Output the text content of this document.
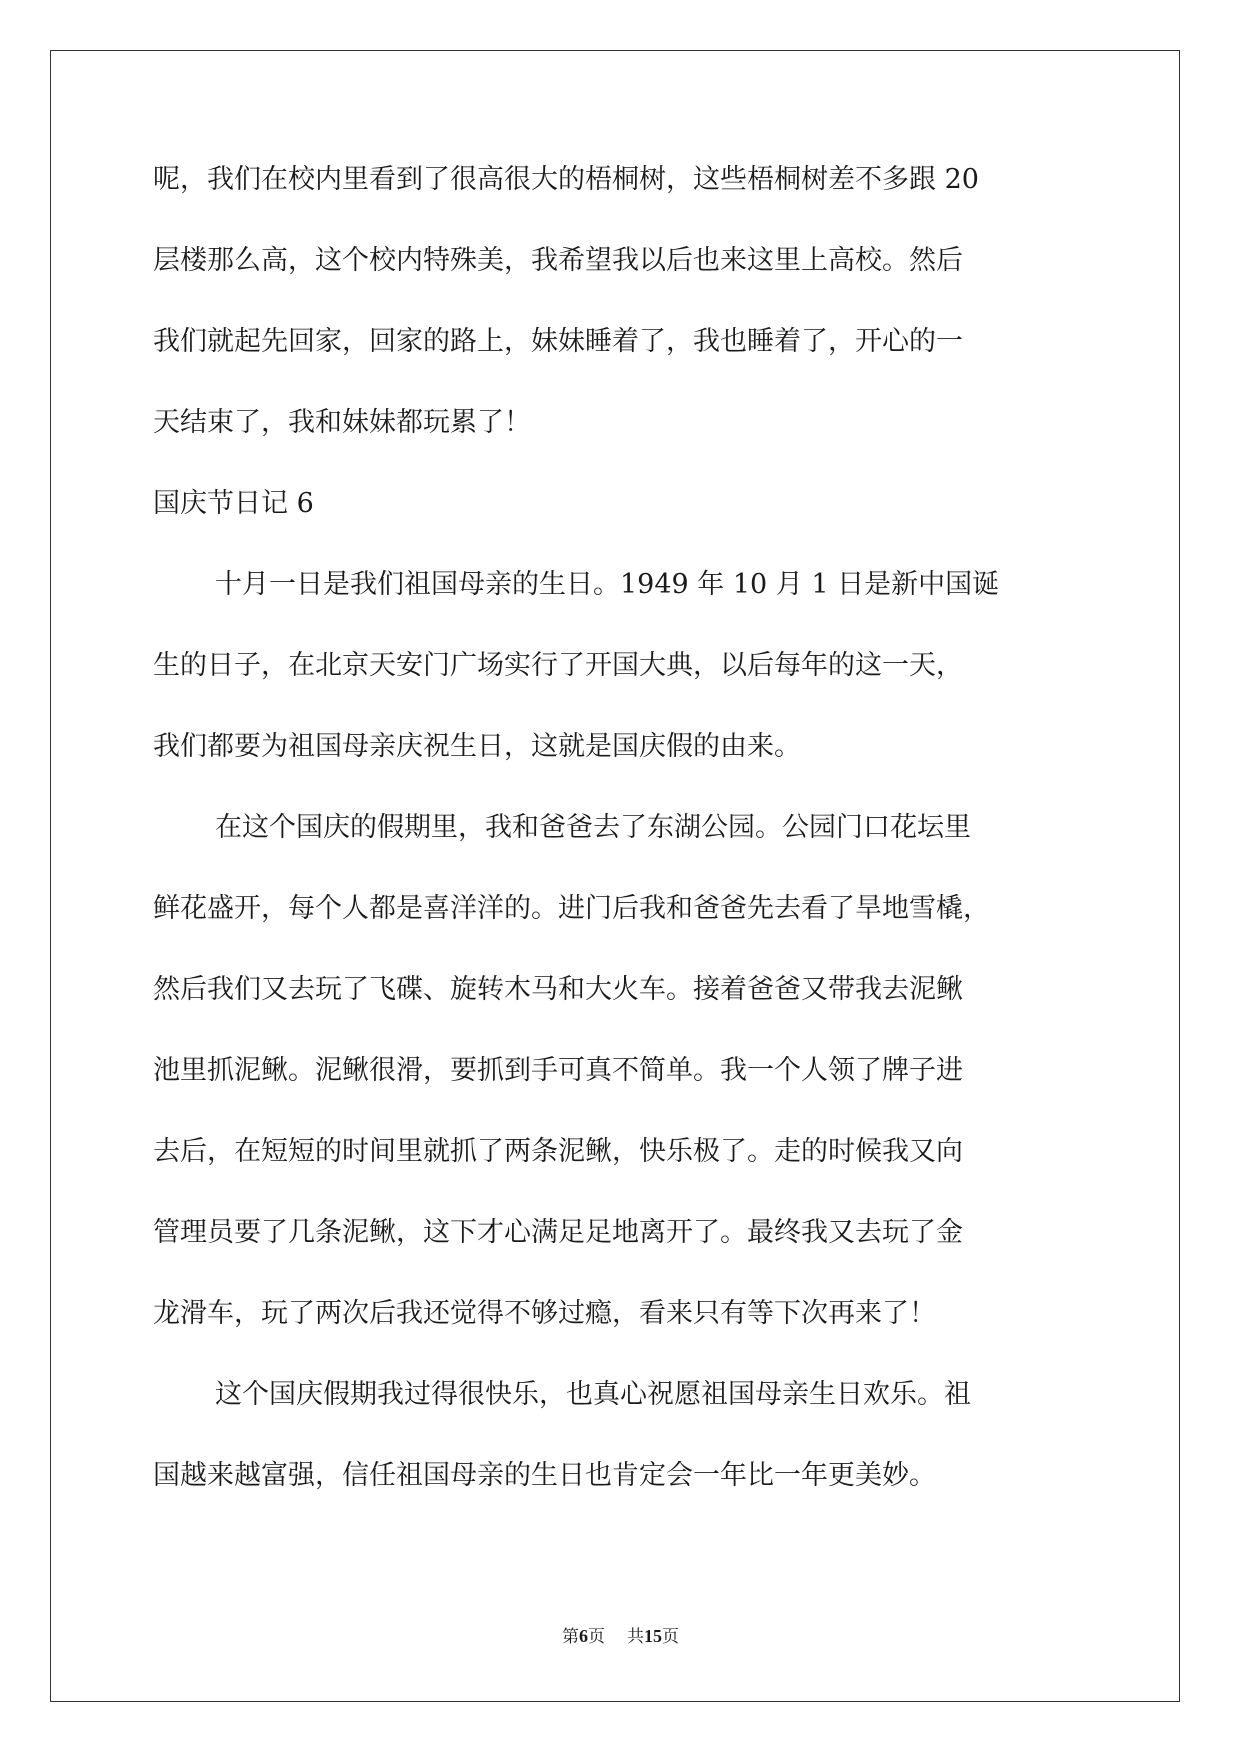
呢，我们在校内里看到了很高很大的梧桐树，这些梧桐树差不多跟 20
层楼那么高，这个校内特殊美，我希望我以后也来这里上高校。然后
我们就起先回家，回家的路上，妹妹睡着了，我也睡着了，开心的一
天结束了，我和妹妹都玩累了！
国庆节日记 6
十月一日是我们祖国母亲的生日。1949 年 10 月 1 日是新中国诞
生的日子，在北京天安门广场实行了开国大典，以后每年的这一天，
我们都要为祖国母亲庆祝生日，这就是国庆假的由来。
在这个国庆的假期里，我和爸爸去了东湖公园。公园门口花坛里
鲜花盛开，每个人都是喜洋洋的。进门后我和爸爸先去看了旱地雪橇，
然后我们又去玩了飞碟、旋转木马和大火车。接着爸爸又带我去泥鳅
池里抓泥鳅。泥鳅很滑，要抓到手可真不简单。我一个人领了牌子进
去后，在短短的时间里就抓了两条泥鳅，快乐极了。走的时候我又向
管理员要了几条泥鳅，这下才心满足足地离开了。最终我又去玩了金
龙滑车，玩了两次后我还觉得不够过瘾，看来只有等下次再来了！
这个国庆假期我过得很快乐，也真心祝愿祖国母亲生日欢乐。祖
国越来越富强，信任祖国母亲的生日也肯定会一年比一年更美妙。
第6页 共15页
